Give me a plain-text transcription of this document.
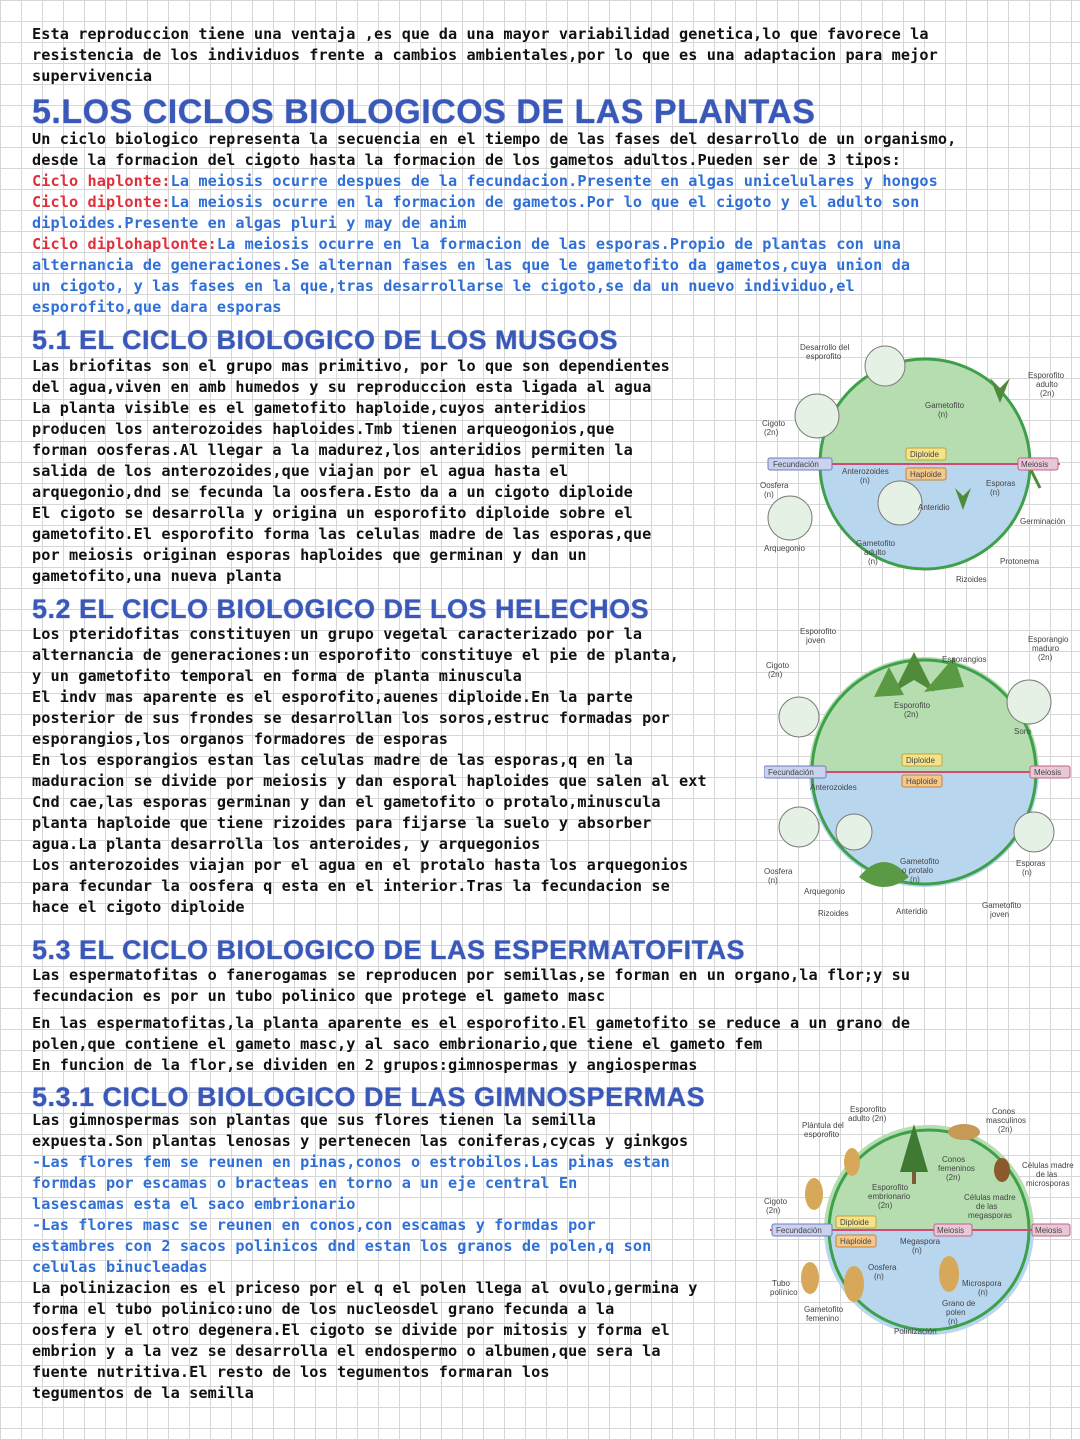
Esta reproduccion tiene una ventaja ,es que da una mayor variabilidad genetica,lo que favorece la
resistencia de los individuos frente a cambios ambientales,por lo que es una adaptacion para mejor
supervivencia
5.LOS CICLOS BIOLOGICOS DE LAS PLANTAS
Un ciclo biologico representa la secuencia en el tiempo de las fases del desarrollo de un organismo,
desde la formacion del cigoto hasta la formacion de los gametos adultos.Pueden ser de 3 tipos:
Ciclo haplonte:La meiosis ocurre despues de la fecundacion.Presente en algas unicelulares y hongos
Ciclo diplonte:La meiosis ocurre en la formacion de gametos.Por lo que el cigoto y el adulto son
diploides.Presente en algas pluri y may de anim
Ciclo diplohaplonte:La meiosis ocurre en la formacion de las esporas.Propio de plantas con una
alternancia de generaciones.Se alternan fases en las que le gametofito da gametos,cuya union da
un cigoto, y las fases en la que,tras desarrollarse le cigoto,se da un nuevo individuo,el
esporofito,que dara esporas
5.1 EL CICLO BIOLOGICO DE LOS MUSGOS
Las briofitas son el grupo mas primitivo, por lo que son dependientes
del agua,viven en amb humedos y su reproduccion esta ligada al agua
La planta visible es el gametofito haploide,cuyos anteridios
producen los anterozoides haploides.Tmb tienen arqueogonios,que
forman oosferas.Al llegar a la madurez,los anteridios permiten la
salida de los anterozoides,que viajan por el agua hasta el
arquegonio,dnd se fecunda la oosfera.Esto da a un cigoto diploide
El cigoto se desarrolla y origina un esporofito diploide sobre el
gametofito.El esporofito forma las celulas madre de las esporas,que
por meiosis originan esporas haploides que germinan y dan un
gametofito,una nueva planta
Desarrollo del
esporofito
Esporofito
adulto
(2n)
Gametofito
(n)
Cigoto
(2n)
Fecundación
Diploide
Haploide
Meiosis
Anterozoides
(n)	Esporas
(n)
Oosfera
(n)
Anteridio
Germinación
Arquegonio
Gametofito
adulto
(n)	Protonema
Rizoides
5.2 EL CICLO BIOLOGICO DE LOS HELECHOS
Los pteridofitas constituyen un grupo vegetal caracterizado por la
alternancia de generaciones:un esporofito constituye el pie de planta,
y un gametofito temporal en forma de planta minuscula
El indv mas aparente es el esporofito,auenes diploide.En la parte
posterior de sus frondes se desarrollan los soros,estruc formadas por
esporangios,los organos formadores de esporas
En los esporangios estan las celulas madre de las esporas,q en la
maduracion se divide por meiosis y dan esporal haploides que salen al ext
Cnd cae,las esporas germinan y dan el gametofito o protalo,minuscula
planta haploide que tiene rizoides para fijarse la suelo y absorber
agua.La planta desarrolla los anteroides, y arquegonios
Los anterozoides viajan por el agua en el protalo hasta los arquegonios
para fecundar la oosfera q esta en el interior.Tras la fecundacion se
hace el cigoto diploide
Esporofito
joven	Esporangio
maduro
(2n)
Cigoto
(2n)
Esporangios
Esporofito
(2n)
Soro
Diploide
Fecundación
Haploide
Meiosis
Anterozoides
Oosfera
(n)
Arquegonio
Gametofito
o protalo
(n)
Esporas
(n)
Rizoides	Anteridio
Gametofito
joven
5.3 EL CICLO BIOLOGICO DE LAS ESPERMATOFITAS
Las espermatofitas o fanerogamas se reproducen por semillas,se forman en un organo,la flor;y su
fecundacion es por un tubo polinico que protege el gameto masc
En las espermatofitas,la planta aparente es el esporofito.El gametofito se reduce a un grano de
polen,que contiene el gameto masc,y al saco embrionario,que tiene el gameto fem
En funcion de la flor,se dividen en 2 grupos:gimnospermas y angiospermas
5.3.1 CICLO BIOLOGICO DE LAS GIMNOSPERMAS
Las gimnospermas son plantas que sus flores tienen la semilla
expuesta.Son plantas lenosas y pertenecen las coniferas,cycas y ginkgos
-Las flores fem se reunen en pinas,conos o estrobilos.Las pinas estan
formdas por escamas o bracteas en torno a un eje central En
lasescamas esta el saco embrionario
-Las flores masc se reunen en conos,con escamas y formdas por
estambres con 2 sacos polinicos dnd estan los granos de polen,q son
celulas binucleadas
La polinizacion es el priceso por el q el polen llega al ovulo,germina y
forma el tubo polinico:uno de los nucleosdel grano fecunda a la
oosfera y el otro degenera.El cigoto se divide por mitosis y forma el
embrion y a la vez se desarrolla el endospermo o albumen,que sera la
fuente nutritiva.El resto de los tegumentos formaran los
tegumentos de la semilla
Esporofito
adulto (2n)
Plántula del
esporofito
Conos
masculinos
(2n)
Conos
femeninos
(2n)
Células madre
de las
microsporas
Cigoto
(2n)
Esporofito
embrionario
(2n)
Células madre
de las
megasporas
Fecundación
Diploide
Haploide
Meiosis	Meiosis
Megaspora
(n)
Oosfera
(n)
Tubo
polínico
Microspora
(n)
Grano de
polen
(n)
Gametofito
femenino
Polinización
